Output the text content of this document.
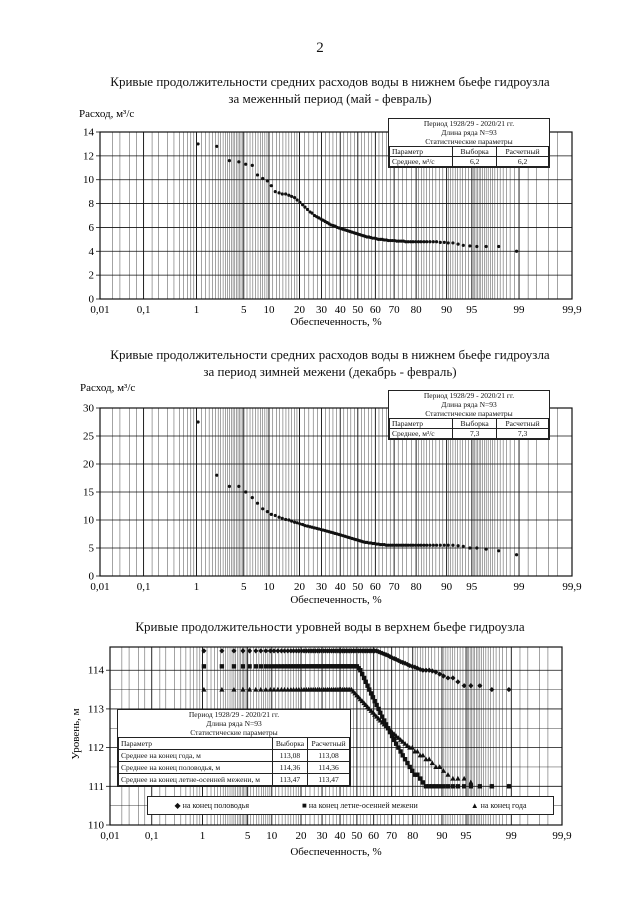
2
Кривые продолжительности средних расходов воды в нижнем бьефе гидроузла
за меженный период (май - февраль)
Кривые продолжительности средних расходов воды в нижнем бьефе гидроузла
за период зимней межени (декабрь - февраль)
Кривые продолжительности уровней воды в верхнем бьефе гидроузла
0
2
4
6
8
10
12
14
0,01 0,1	1	5 10 20 30 40 50 60 70 80 90 95	99	99,9
Расход, м³/с
Обеспеченность, %
0
5
10
15
20
25
30
0,01 0,1	1	5 10 20 30 40 50 60 70 80 90 95	99	99,9
Расход, м³/с
Обеспеченность, %
110
111
112
113
114
0,01 0,1	1	5 10 20 30 40 50 60 70 80 90 95	99	99,9
Уровень, м
Обеспеченность, %
Период 1928/29 - 2020/21 гг.
Длина ряда N=93
Статистические параметры
Параметр	Выборка	Расчетный
Среднее, м³/с	6,2	6,2
Период 1928/29 - 2020/21 гг.
Длина ряда N=93
Статистические параметры
Параметр	Выборка	Расчетный
Среднее, м³/с	7,3	7,3
Период 1928/29 - 2020/21 гг.
Длина ряда N=93
Статистические параметры
Параметр	Выборка	Расчетный
Среднее на конец года, м	113,08	113,08
Среднее на конец половодья, м	114,36	114,36
Среднее на конец летне-осенней межени, м	113,47	113,47
◆ на конец половодья	■ на конец летне-осенней межени	▲ на конец года
